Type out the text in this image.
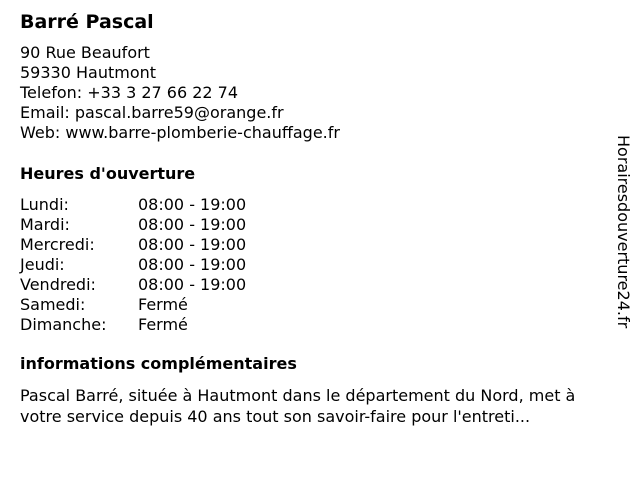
Barré Pascal
90 Rue Beaufort
59330 Hautmont
Telefon: +33 3 27 66 22 74
Email: pascal.barre59@orange.fr
Web: www.barre-plomberie-chauffage.fr
Heures d'ouverture
Lundi:	08:00 - 19:00
Mardi:	08:00 - 19:00
Mercredi:	08:00 - 19:00
Jeudi:	08:00 - 19:00
Vendredi:	08:00 - 19:00
Samedi:	Fermé
Dimanche:	Fermé
informations complémentaires
Pascal Barré, située à Hautmont dans le département du Nord, met à
votre service depuis 40 ans tout son savoir-faire pour l'entreti...
Horairesdouverture24.fr
